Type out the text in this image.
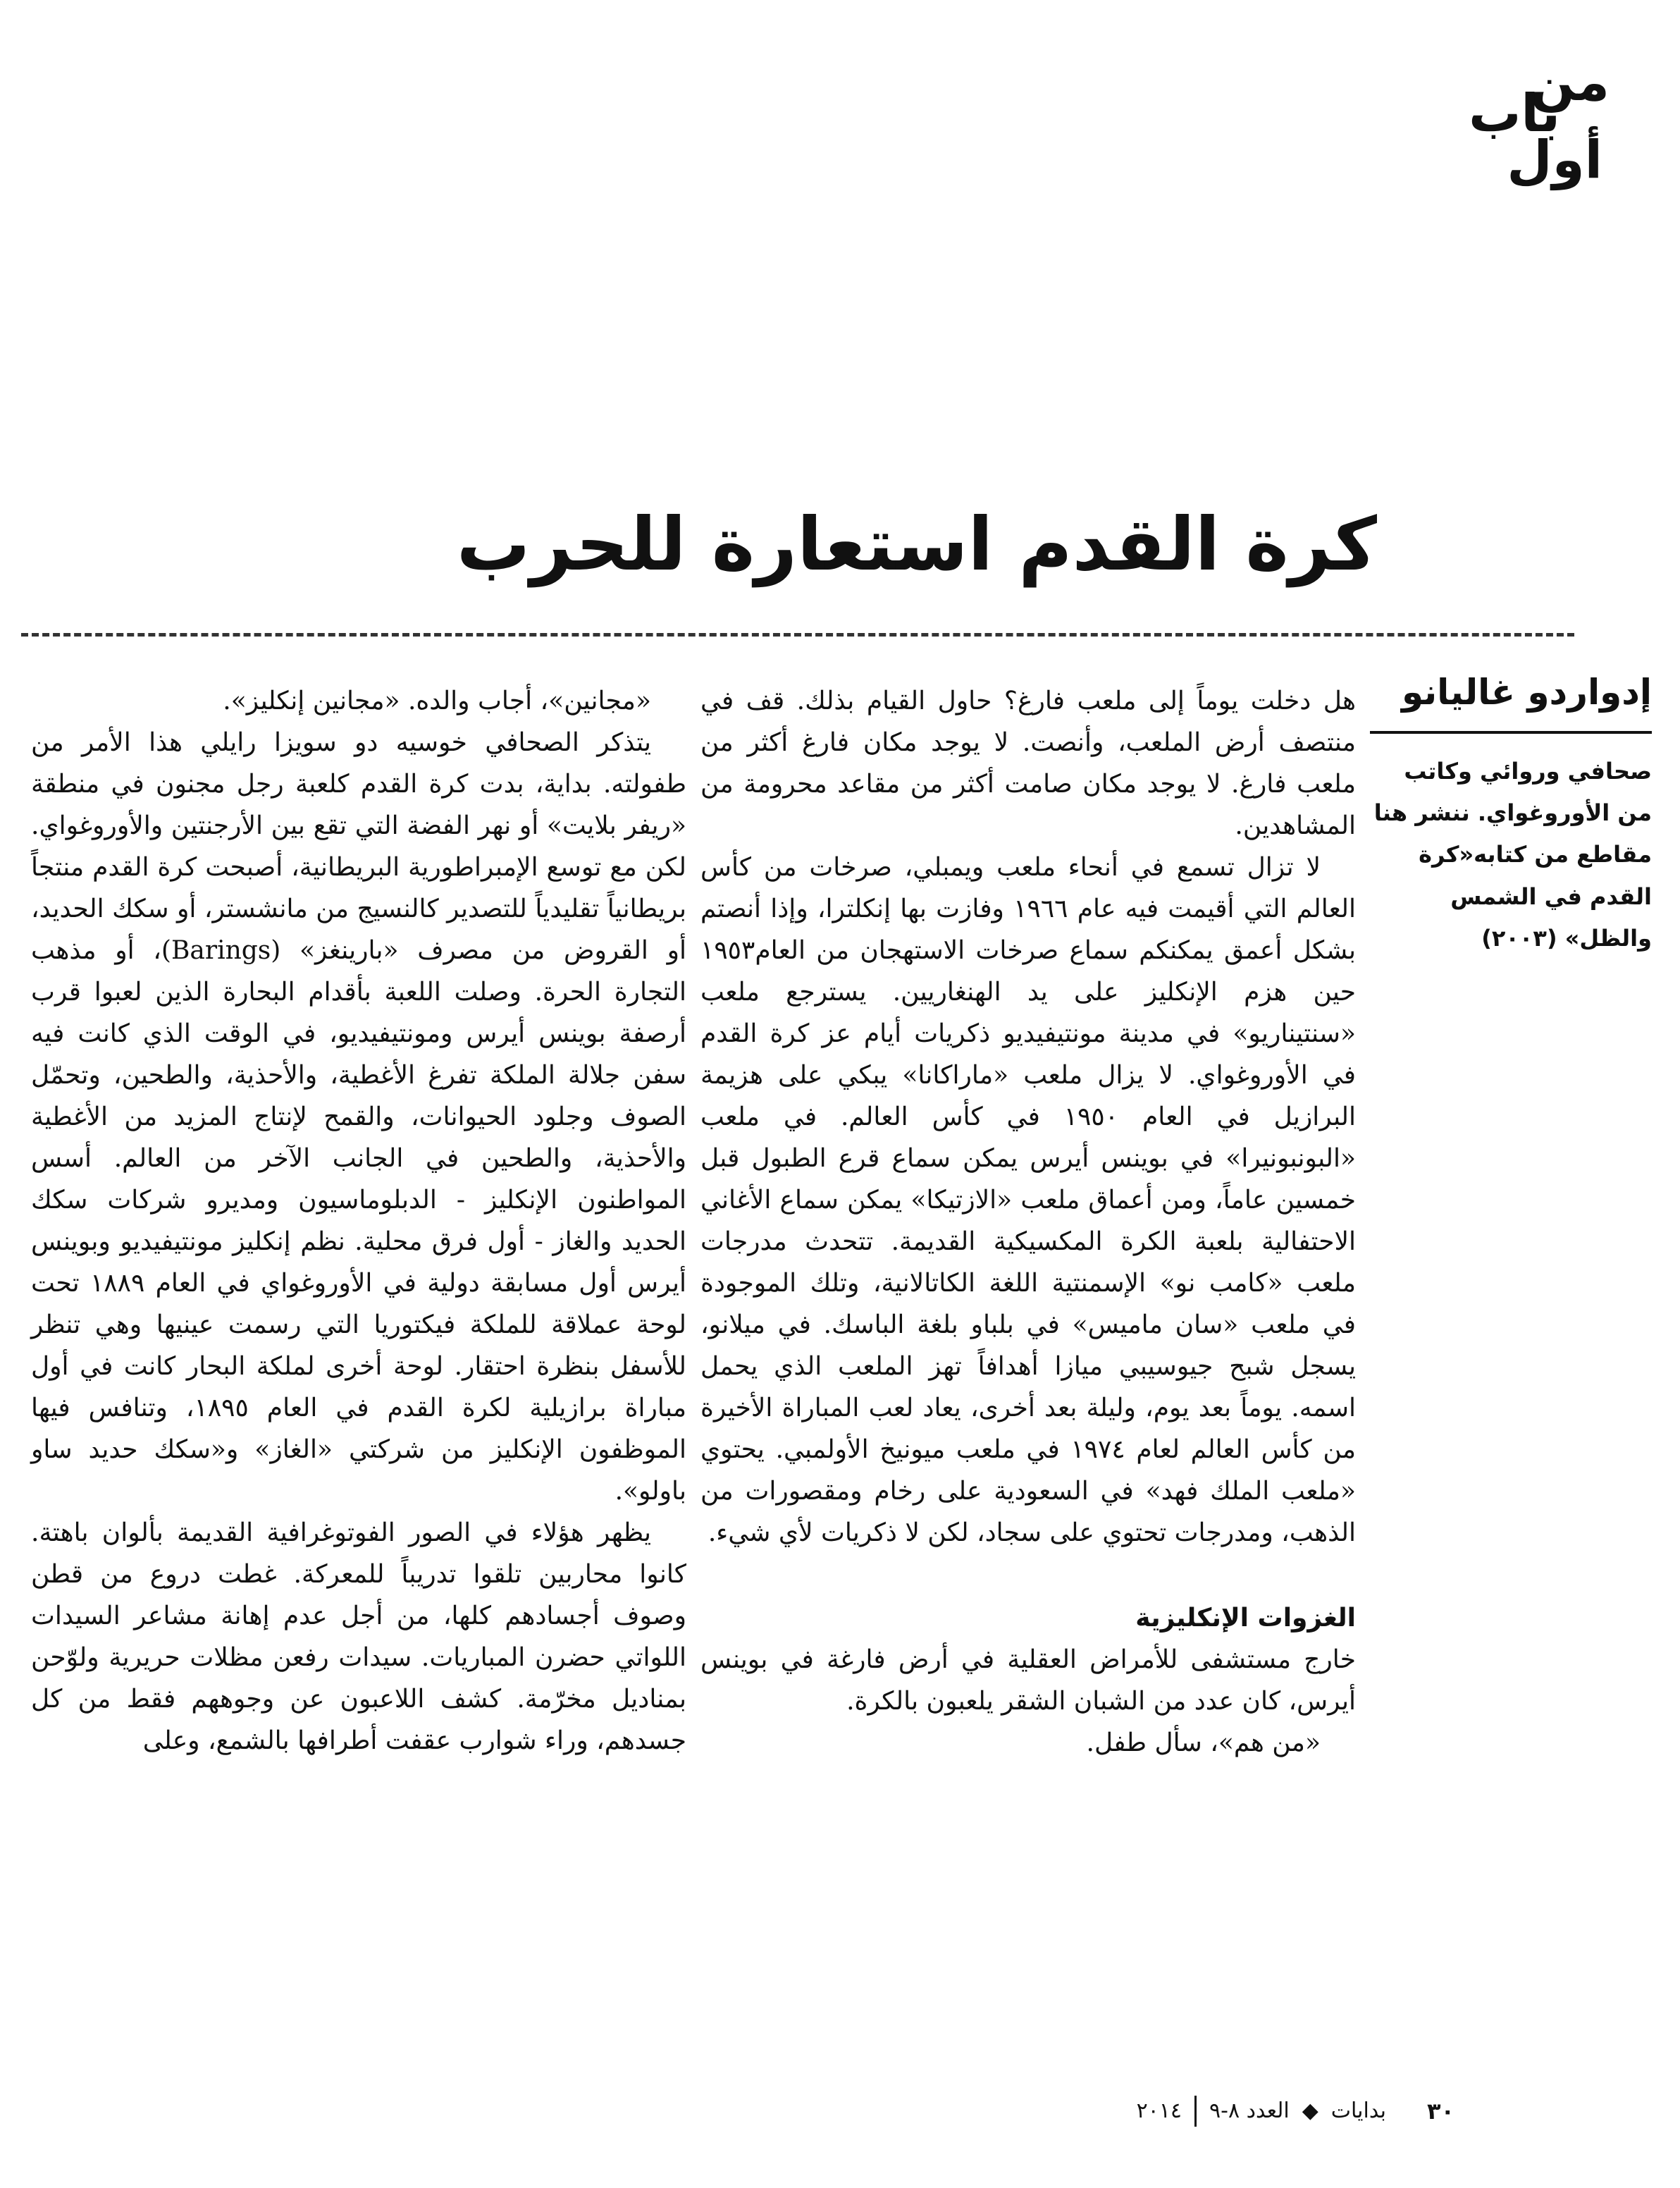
من
باب
أول
كرة القدم استعارة للحرب
إدواردو غاليانو

صحافي وروائي وكاتب من الأوروغواي. ننشر هنا مقاطع من كتابه«كرة القدم في الشمس والظل» (٢٠٠٣)

هل دخلت يوماً إلى ملعب فارغ؟ حاول القيام بذلك. قف في منتصف أرض الملعب، وأنصت. لا يوجد مكان فارغ أكثر من ملعب فارغ. لا يوجد مكان صامت أكثر من مقاعد محرومة من المشاهدين.

لا تزال تسمع في أنحاء ملعب ويمبلي، صرخات من كأس العالم التي أقيمت فيه عام ١٩٦٦ وفازت بها إنكلترا، وإذا أنصتم بشكل أعمق يمكنكم سماع صرخات الاستهجان من العام١٩٥٣ حين هزم الإنكليز على يد الهنغاريين. يسترجع ملعب «سنتيناريو» في مدينة مونتيفيديو ذكريات أيام عز كرة القدم في الأوروغواي. لا يزال ملعب «ماراكانا» يبكي على هزيمة البرازيل في العام ١٩٥٠ في كأس العالم. في ملعب «البونبونيرا» في بوينس أيرس يمكن سماع قرع الطبول قبل خمسين عاماً، ومن أعماق ملعب «الازتيكا» يمكن سماع الأغاني الاحتفالية بلعبة الكرة المكسيكية القديمة. تتحدث مدرجات ملعب «كامب نو» الإسمنتية اللغة الكاتالانية، وتلك الموجودة في ملعب «سان ماميس» في بلباو بلغة الباسك. في ميلانو، يسجل شبح جيوسيبي ميازا أهدافاً تهز الملعب الذي يحمل اسمه. يوماً بعد يوم، وليلة بعد أخرى، يعاد لعب المباراة الأخيرة من كأس العالم لعام ١٩٧٤ في ملعب ميونيخ الأولمبي. يحتوي «ملعب الملك فهد» في السعودية على رخام ومقصورات من الذهب، ومدرجات تحتوي على سجاد، لكن لا ذكريات لأي شيء.

الغزوات الإنكليزية

خارج مستشفى للأمراض العقلية في أرض فارغة في بوينس أيرس، كان عدد من الشبان الشقر يلعبون بالكرة.

«من هم»، سأل طفل.

«مجانين»، أجاب والده. «مجانين إنكليز».

يتذكر الصحافي خوسيه دو سويزا رايلي هذا الأمر من طفولته. بداية، بدت كرة القدم كلعبة رجل مجنون في منطقة «ريفر بلايت» أو نهر الفضة التي تقع بين الأرجنتين والأوروغواي. لكن مع توسع الإمبراطورية البريطانية، أصبحت كرة القدم منتجاً بريطانياً تقليدياً للتصدير كالنسيج من مانشستر، أو سكك الحديد، أو القروض من مصرف «بارينغز» (Barings)، أو مذهب التجارة الحرة. وصلت اللعبة بأقدام البحارة الذين لعبوا قرب أرصفة بوينس أيرس ومونتيفيديو، في الوقت الذي كانت فيه سفن جلالة الملكة تفرغ الأغطية، والأحذية، والطحين، وتحمّل الصوف وجلود الحيوانات، والقمح لإنتاج المزيد من الأغطية والأحذية، والطحين في الجانب الآخر من العالم. أسس المواطنون الإنكليز - الدبلوماسيون ومديرو شركات سكك الحديد والغاز - أول فرق محلية. نظم إنكليز مونتيفيديو وبوينس أيرس أول مسابقة دولية في الأوروغواي في العام ١٨٨٩ تحت لوحة عملاقة للملكة فيكتوريا التي رسمت عينيها وهي تنظر للأسفل بنظرة احتقار. لوحة أخرى لملكة البحار كانت في أول مباراة برازيلية لكرة القدم في العام ١٨٩٥، وتنافس فيها الموظفون الإنكليز من شركتي «الغاز» و«سكك حديد ساو باولو».

يظهر هؤلاء في الصور الفوتوغرافية القديمة بألوان باهتة. كانوا محاربين تلقوا تدريباً للمعركة. غطت دروع من قطن وصوف أجسادهم كلها، من أجل عدم إهانة مشاعر السيدات اللواتي حضرن المباريات. سيدات رفعن مظلات حريرية ولوّحن بمناديل مخرّمة. كشف اللاعبون عن وجوههم فقط من كل جسدهم، وراء شوارب عقفت أطرافها بالشمع، وعلى

٣٠
بدايات
◆
العدد ٨-٩
٢٠١٤
